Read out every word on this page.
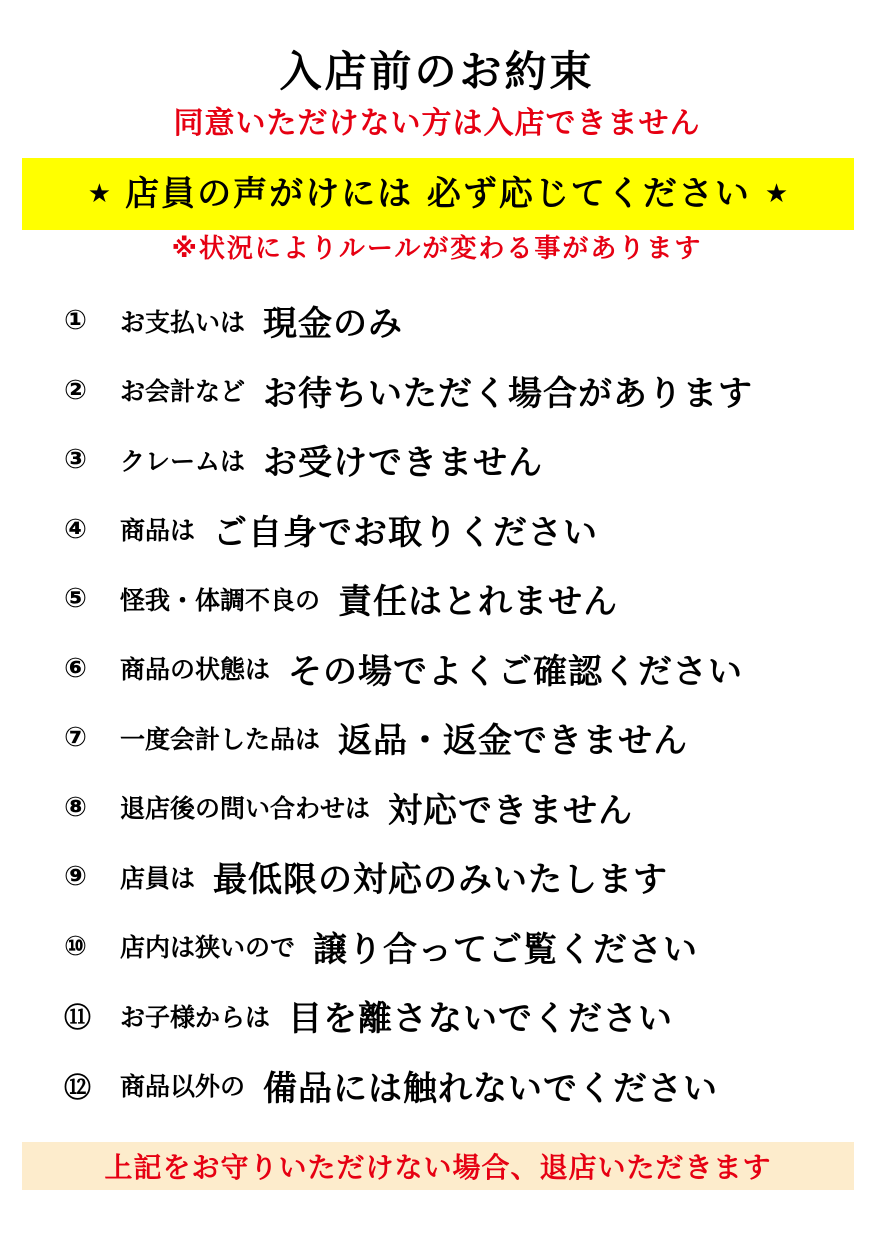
入店前のお約束
同意いただけない方は入店できません
★ 店員の声がけには 必ず応じてください ★
※状況によりルールが変わる事があります
①	お支払いは 現金のみ
②	お会計など お待ちいただく場合があります
③	クレームは お受けできません
④	商品は ご自身でお取りください
⑤	怪我・体調不良の 責任はとれません
⑥	商品の状態は その場でよくご確認ください
⑦	一度会計した品は 返品・返金できません
⑧	退店後の問い合わせは 対応できません
⑨	店員は 最低限の対応のみいたします
⑩	店内は狭いので 譲り合ってご覧ください
⑪	お子様からは 目を離さないでください
⑫	商品以外の 備品には触れないでください
上記をお守りいただけない場合、退店いただきます
